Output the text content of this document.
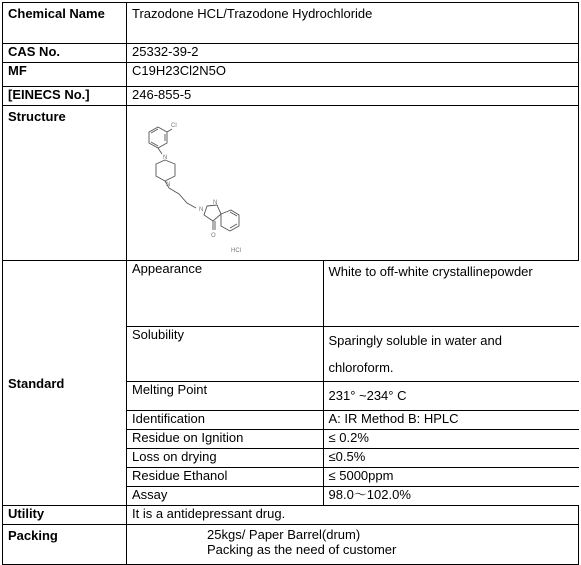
Chemical Name	Trazodone HCL/Trazodone Hydrochloride
CAS No.	25332-39-2
MF	C19H23Cl2N5O
[EINECS No.]	246-855-5
Structure	
Cl
N
N
N
N
O
HCl

Standard	
Appearance	White to off-white crystallinepowder
Solubility	Sparingly soluble in water and
chloroform.
Melting Point	231° ~234° C
Identification	A: IR Method B: HPLC
Residue on Ignition	≤ 0.2%
Loss on drying	≤0.5%
Residue Ethanol	≤ 5000ppm
Assay	98.0～102.0%

Utility	It is a antidepressant drug.
Packing	25kgs/ Paper Barrel(drum)
Packing as the need of customer
